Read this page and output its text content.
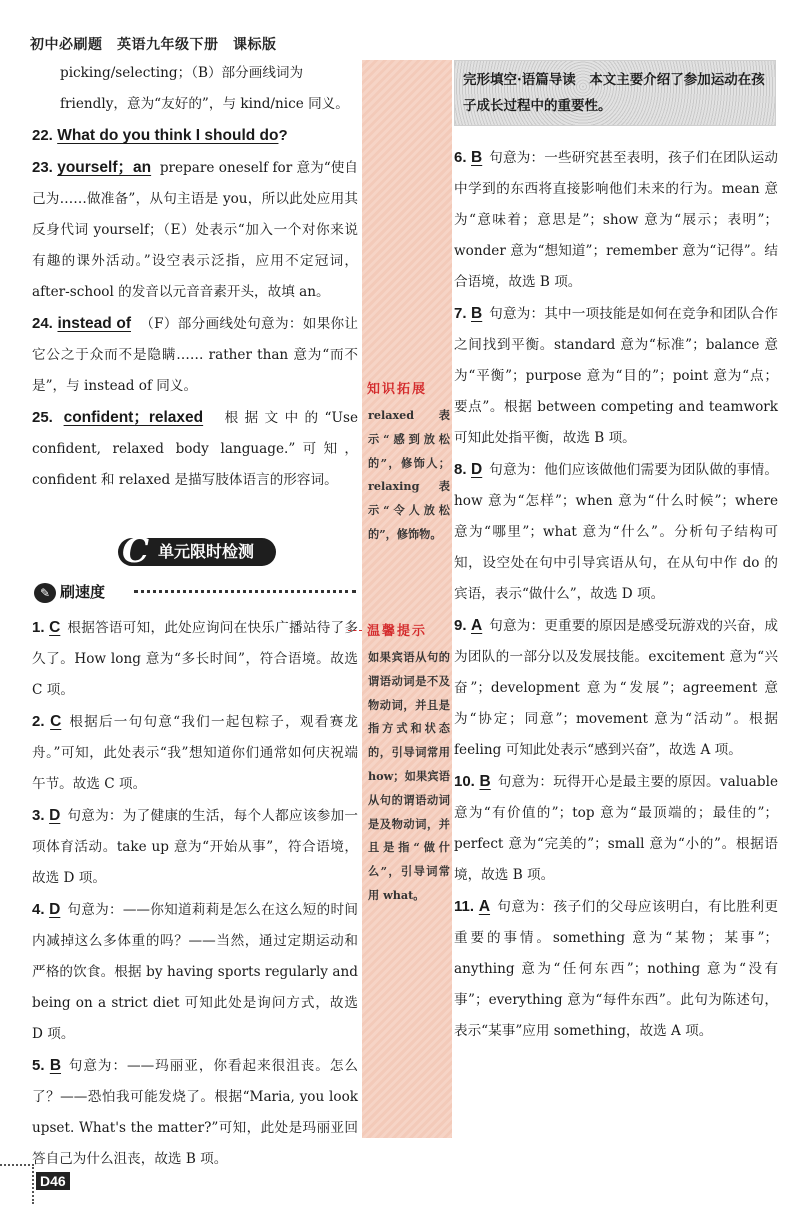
初中必刷题　英语九年级下册　课标版

picking/selecting；（B）部分画线词为
friendly，意为“友好的”，与 kind/nice 同义。

22. What do you think I should do?

23. yourself；an prepare oneself for 意为“使自己为……做准备”，从句主语是 you，所以此处应用其反身代词 yourself；（E）处表示“加入一个对你来说有趣的课外活动。”设空表示泛指，应用不定冠词，after-school 的发音以元音音素开头，故填 an。

24. instead of （F）部分画线处句意为：如果你让它公之于众而不是隐瞒…… rather than 意为“而不是”，与 instead of 同义。

25. confident；relaxed 根据文中的“Use confident, relaxed body language.”可知，confident 和 relaxed 是描写肢体语言的形容词。

C 单元限时检测
✎ 刷速度

1. C  根据答语可知，此处应询问在快乐广播站待了多久了。How long 意为“多长时间”，符合语境。故选 C 项。

2. C  根据后一句句意“我们一起包粽子，观看赛龙舟。”可知，此处表示“我”想知道你们通常如何庆祝端午节。故选 C 项。

3. D  句意为：为了健康的生活，每个人都应该参加一项体育活动。take up 意为“开始从事”，符合语境，故选 D 项。

4. D  句意为：——你知道莉莉是怎么在这么短的时间内减掉这么多体重的吗？——当然，通过定期运动和严格的饮食。根据 by having sports regularly and being on a strict diet 可知此处是询问方式，故选 D 项。

5. B  句意为：——玛丽亚，你看起来很沮丧。怎么了？——恐怕我可能发烧了。根据“Maria, you look upset. What's the matter?”可知，此处是玛丽亚回答自己为什么沮丧，故选 B 项。

知识拓展
relaxed 表示“感到放松的”，修饰人；relaxing 表示“令人放松的”，修饰物。
温馨提示
如果宾语从句的谓语动词是不及物动词，并且是指方式和状态的，引导词常用 how；如果宾语从句的谓语动词是及物动词，并且是指“做什么”，引导词常用 what。
完形填空·语篇导读　本文主要介绍了参加运动在孩子成长过程中的重要性。

6. B  句意为：一些研究甚至表明，孩子们在团队运动中学到的东西将直接影响他们未来的行为。mean 意为“意味着；意思是”；show 意为“展示；表明”；wonder 意为“想知道”；remember 意为“记得”。结合语境，故选 B 项。

7. B  句意为：其中一项技能是如何在竞争和团队合作之间找到平衡。standard 意为“标准”；balance 意为“平衡”；purpose 意为“目的”；point 意为“点；要点”。根据 between competing and teamwork 可知此处指平衡，故选 B 项。

8. D  句意为：他们应该做他们需要为团队做的事情。how 意为“怎样”；when 意为“什么时候”；where 意为“哪里”；what 意为“什么”。分析句子结构可知，设空处在句中引导宾语从句，在从句中作 do 的宾语，表示“做什么”，故选 D 项。

9. A  句意为：更重要的原因是感受玩游戏的兴奋，成为团队的一部分以及发展技能。excitement 意为“兴奋”；development 意为“发展”；agreement 意为“协定；同意”；movement 意为“活动”。根据 feeling 可知此处表示“感到兴奋”，故选 A 项。

10. B  句意为：玩得开心是最主要的原因。valuable 意为“有价值的”；top 意为“最顶端的；最佳的”；perfect 意为“完美的”；small 意为“小的”。根据语境，故选 B 项。

11. A  句意为：孩子们的父母应该明白，有比胜利更重要的事情。something 意为“某物；某事”；anything 意为“任何东西”；nothing 意为“没有事”；everything 意为“每件东西”。此句为陈述句，表示“某事”应用 something，故选 A 项。

D46
